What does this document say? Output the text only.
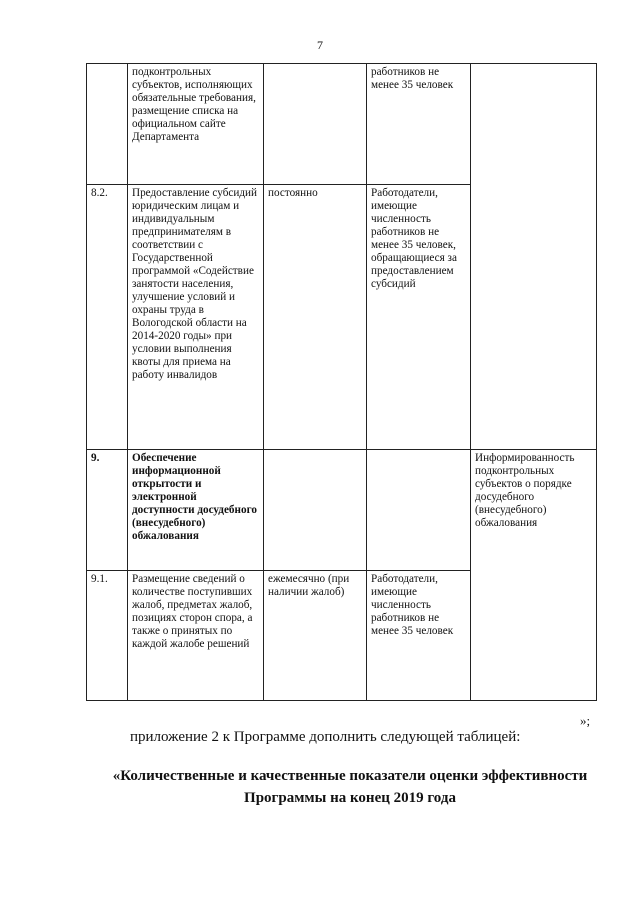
7
	подконтрольных субъектов, исполняющих обязательные требования, размещение списка на официальном сайте Департамента		работников не менее 35 человек	
8.2.	Предоставление субсидий юридическим лицам и индивидуальным предпринимателям в соответствии с Государственной программой «Содействие занятости населения, улучшение условий и охраны труда в Вологодской области на 2014-2020 годы» при условии выполнения квоты для приема на работу инвалидов	постоянно	Работодатели, имеющие численность работников не менее 35 человек, обращающиеся за предоставлением субсидий	
9.	Обеспечение информационной открытости и электронной доступности досудебного (внесудебного) обжалования			Информированность подконтрольных субъектов о порядке досудебного (внесудебного) обжалования
9.1.	Размещение сведений о количестве поступивших жалоб, предметах жалоб, позициях сторон спора, а также о принятых по каждой жалобе решений	ежемесячно (при наличии жалоб)	Работодатели, имеющие численность работников не менее 35 человек	
»;
приложение 2 к Программе дополнить следующей таблицей:
«Количественные и качественные показатели оценки эффективности
Программы на конец 2019 года
